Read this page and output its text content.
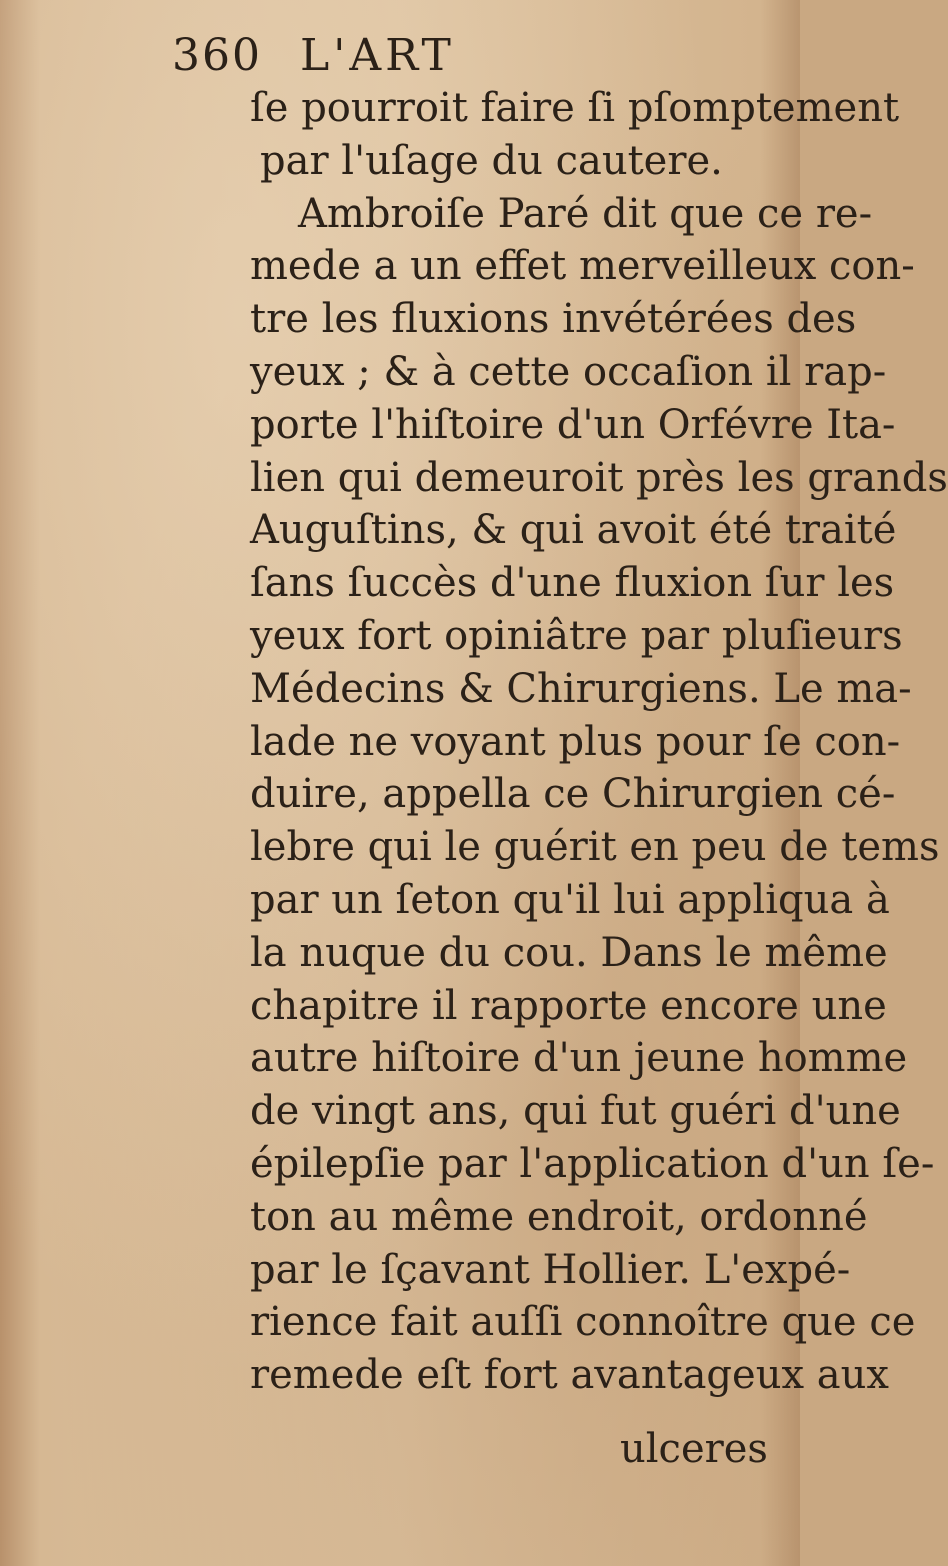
360 L'ART
ſe pourroit faire ſi pſomptement
par l'uſage du cautere.
Ambroiſe Paré dit que ce re-
mede a un effet merveilleux con-
tre les fluxions invétérées des
yeux ; & à cette occaſion il rap-
porte l'hiſtoire d'un Orfévre Ita-
lien qui demeuroit près les grands
Auguſtins, & qui avoit été traité
ſans ſuccès d'une fluxion ſur les
yeux fort opiniâtre par pluſieurs
Médecins & Chirurgiens. Le ma-
lade ne voyant plus pour ſe con-
duire, appella ce Chirurgien cé-
lebre qui le guérit en peu de tems
par un ſeton qu'il lui appliqua à
la nuque du cou. Dans le même
chapitre il rapporte encore une
autre hiſtoire d'un jeune homme
de vingt ans, qui fut guéri d'une
épilepſie par l'application d'un ſe-
ton au même endroit, ordonné
par le ſçavant Hollier. L'expé-
rience fait auſſi connoître que ce
remede eſt fort avantageux aux
ulceres
